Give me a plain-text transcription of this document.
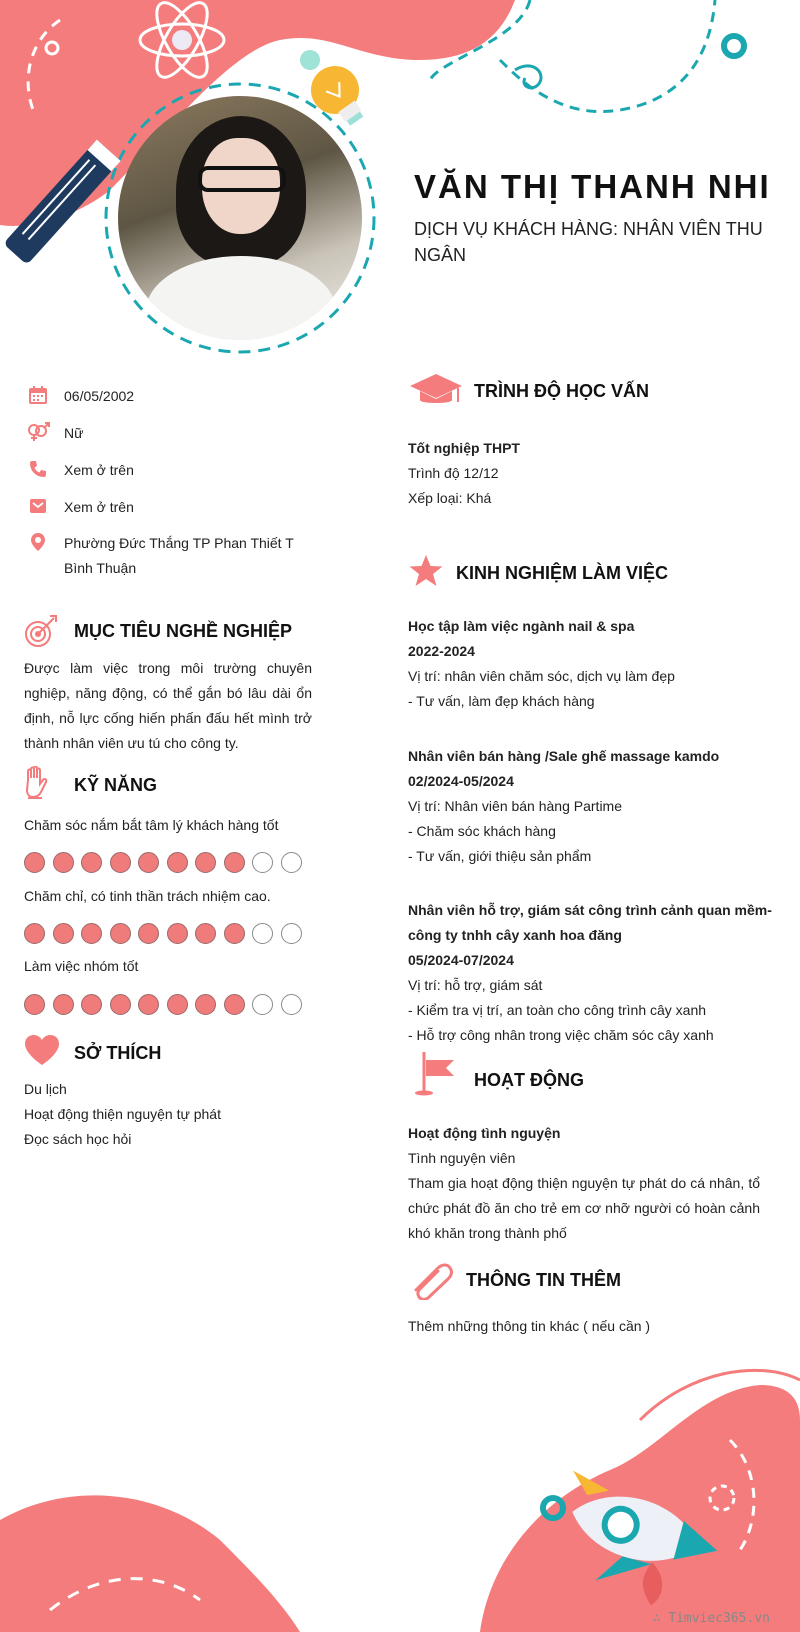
VĂN THỊ THANH NHI
DỊCH VỤ KHÁCH HÀNG: NHÂN VIÊN THU NGÂN
06/05/2002
Nữ
Xem ở trên
Xem ở trên
Phường Đức Thắng TP Phan Thiết T Bình Thuận
MỤC TIÊU NGHỀ NGHIỆP
Được làm việc trong môi trường chuyên nghiệp, năng động, có thể gắn bó lâu dài ổn định, nỗ lực cống hiến phấn đấu hết mình trở thành nhân viên ưu tú cho công ty.
KỸ NĂNG
Chăm sóc nắm bắt tâm lý khách hàng tốt
Chăm chỉ, có tinh thần trách nhiệm cao.
Làm việc nhóm tốt
SỞ THÍCH
Du lịch
Hoạt động thiện nguyện tự phát
Đọc sách học hỏi
TRÌNH ĐỘ HỌC VẤN
Tốt nghiệp THPT
Trình độ 12/12
Xếp loại: Khá
KINH NGHIỆM LÀM VIỆC
Học tập làm việc ngành nail & spa
2022-2024
Vị trí: nhân viên chăm sóc, dịch vụ làm đẹp
- Tư vấn, làm đẹp khách hàng
Nhân viên bán hàng /Sale ghế massage kamdo
02/2024-05/2024
Vị trí: Nhân viên bán hàng Partime
- Chăm sóc khách hàng
- Tư vấn, giới thiệu sản phẩm
Nhân viên hỗ trợ, giám sát công trình cảnh quan mềm-
công ty tnhh cây xanh hoa đăng
05/2024-07/2024
Vị trí: hỗ trợ, giám sát
- Kiểm tra vị trí, an toàn cho công trình cây xanh
- Hỗ trợ công nhân trong việc chăm sóc cây xanh
HOẠT ĐỘNG
Hoạt động tình nguyện
Tình nguyện viên
Tham gia hoạt động thiện nguyện tự phát do cá nhân, tổ chức phát đồ ăn cho trẻ em cơ nhỡ người có hoàn cảnh khó khăn trong thành phố
THÔNG TIN THÊM
Thêm những thông tin khác ( nếu cần )
∴ Timviec365.vn
